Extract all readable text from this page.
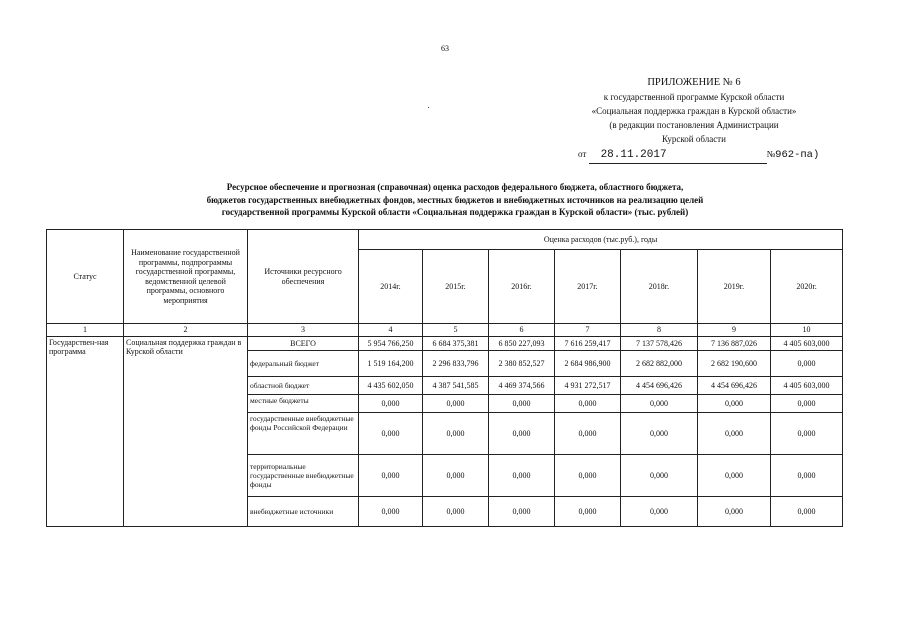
63
ПРИЛОЖЕНИЕ № 6
к государственной программе Курской области
«Социальная поддержка граждан в Курской области»
(в редакции постановления Администрации
Курской области
от 28.11.2017	№962-па)
Ресурсное обеспечение и прогнозная (справочная) оценка расходов федерального бюджета, областного бюджета,
бюджетов государственных внебюджетных фондов, местных бюджетов и внебюджетных источников на реализацию целей
государственной программы Курской области «Социальная поддержка граждан в Курской области» (тыс. рублей)
Статус	Наименование государственной программы, подпрограммы государственной программы, ведомственной целевой программы, основного мероприятия	Источники ресурсного обеспечения	Оценка расходов (тыс.руб.), годы						
			2014г.	2015г.	2016г.	2017г.	2018г.	2019г.	2020г.
1	2	3	4	5	6	7	8	9	10
Государствен-ная программа	Социальная поддержка граждан в Курской области	ВСЕГО	5 954 766,250	6 684 375,381	6 850 227,093	7 616 259,417	7 137 578,426	7 136 887,026	4 405 603,000
		федеральный бюджет	1 519 164,200	2 296 833,796	2 380 852,527	2 684 986,900	2 682 882,000	2 682 190,600	0,000
		областной бюджет	4 435 602,050	4 387 541,585	4 469 374,566	4 931 272,517	4 454 696,426	4 454 696,426	4 405 603,000
		местные бюджеты	0,000	0,000	0,000	0,000	0,000	0,000	0,000
		государственные внебюджетные фонды Российской Федерации	0,000	0,000	0,000	0,000	0,000	0,000	0,000
		территориальные государственные внебюджетные фонды	0,000	0,000	0,000	0,000	0,000	0,000	0,000
		внебюджетные источники	0,000	0,000	0,000	0,000	0,000	0,000	0,000
